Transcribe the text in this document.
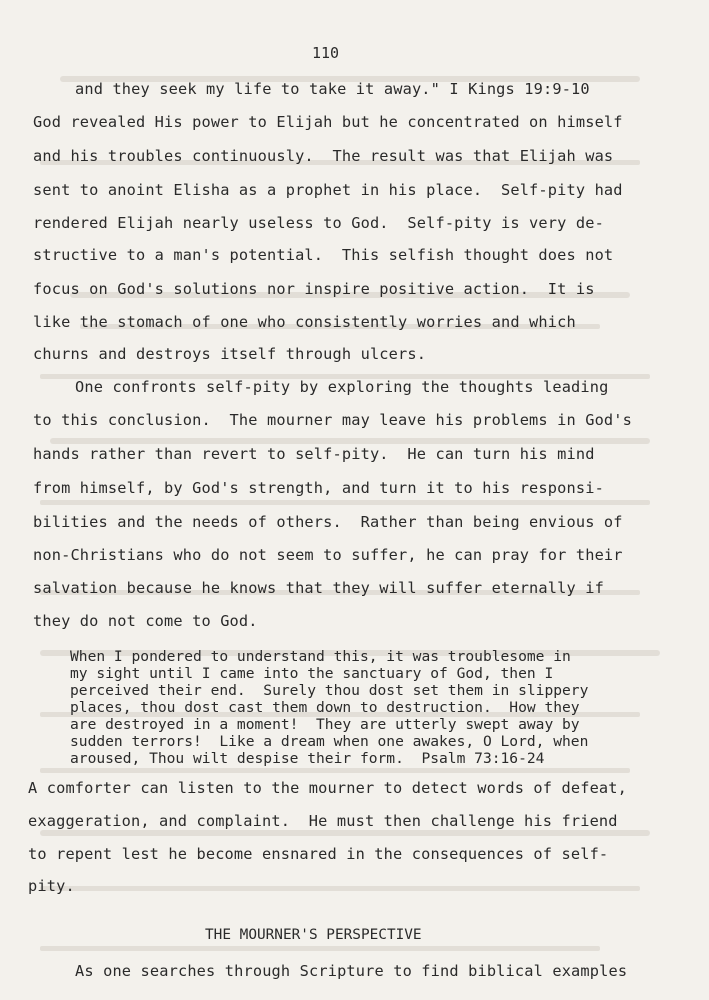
110
and they seek my life to take it away." I Kings 19:9-10
God revealed His power to Elijah but he concentrated on himself
and his troubles continuously.  The result was that Elijah was
sent to anoint Elisha as a prophet in his place.  Self-pity had
rendered Elijah nearly useless to God.  Self-pity is very de-
structive to a man's potential.  This selfish thought does not
focus on God's solutions nor inspire positive action.  It is
like the stomach of one who consistently worries and which
churns and destroys itself through ulcers.
One confronts self-pity by exploring the thoughts leading
to this conclusion.  The mourner may leave his problems in God's
hands rather than revert to self-pity.  He can turn his mind
from himself, by God's strength, and turn it to his responsi-
bilities and the needs of others.  Rather than being envious of
non-Christians who do not seem to suffer, he can pray for their
salvation because he knows that they will suffer eternally if
they do not come to God.
When I pondered to understand this, it was troublesome in
my sight until I came into the sanctuary of God, then I
perceived their end.  Surely thou dost set them in slippery
places, thou dost cast them down to destruction.  How they
are destroyed in a moment!  They are utterly swept away by
sudden terrors!  Like a dream when one awakes, O Lord, when
aroused, Thou wilt despise their form.  Psalm 73:16-24
A comforter can listen to the mourner to detect words of defeat,
exaggeration, and complaint.  He must then challenge his friend
to repent lest he become ensnared in the consequences of self-
pity.
THE MOURNER'S PERSPECTIVE
As one searches through Scripture to find biblical examples
